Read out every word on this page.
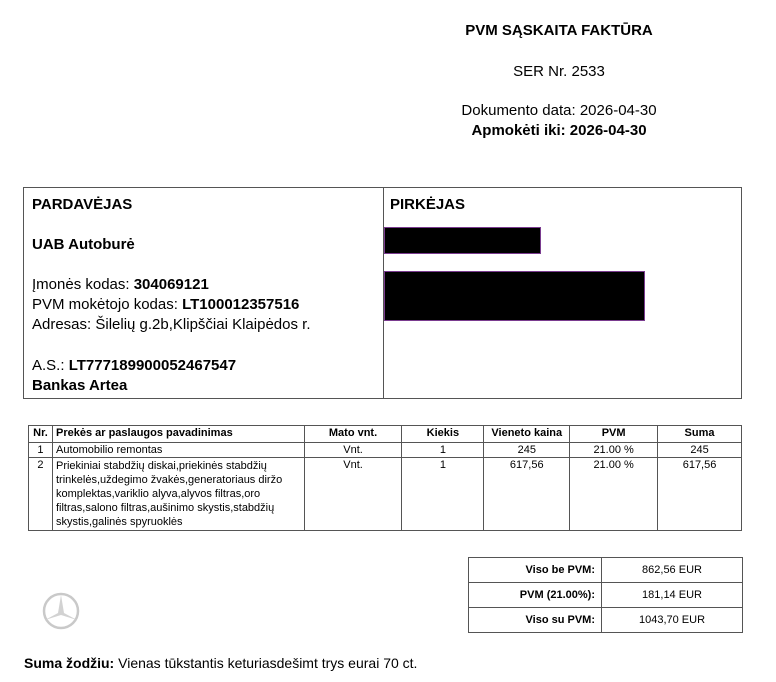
PVM SĄSKAITA FAKTŪRA
SER Nr. 2533
Dokumento data: 2026-04-30
Apmokėti iki: 2026-04-30
PARDAVĖJAS
UAB Autoburė
Įmonės kodas: 304069121
PVM mokėtojo kodas: LT100012357516
Adresas: Šilelių g.2b,Klipščiai Klaipėdos r.
A.S.: LT777189900052467547
Bankas Artea
PIRKĖJAS
Nr.	Prekės ar paslaugos pavadinimas	Mato vnt.	Kiekis	Vieneto kaina	PVM	Suma
1	Automobilio remontas	Vnt.	1	245	21.00 %	245
2	Priekiniai stabdžių diskai,priekinės stabdžių
trinkelės,uždegimo žvakės,generatoriaus diržo
komplektas,variklio alyva,alyvos filtras,oro
filtras,salono filtras,aušinimo skystis,stabdžių
skystis,galinės spyruoklės	Vnt.	1	617,56	21.00 %	617,56
Viso be PVM:	862,56 EUR
PVM (21.00%):	181,14 EUR
Viso su PVM:	1043,70 EUR
Suma žodžiu: Vienas tūkstantis keturiasdešimt trys eurai 70 ct.
